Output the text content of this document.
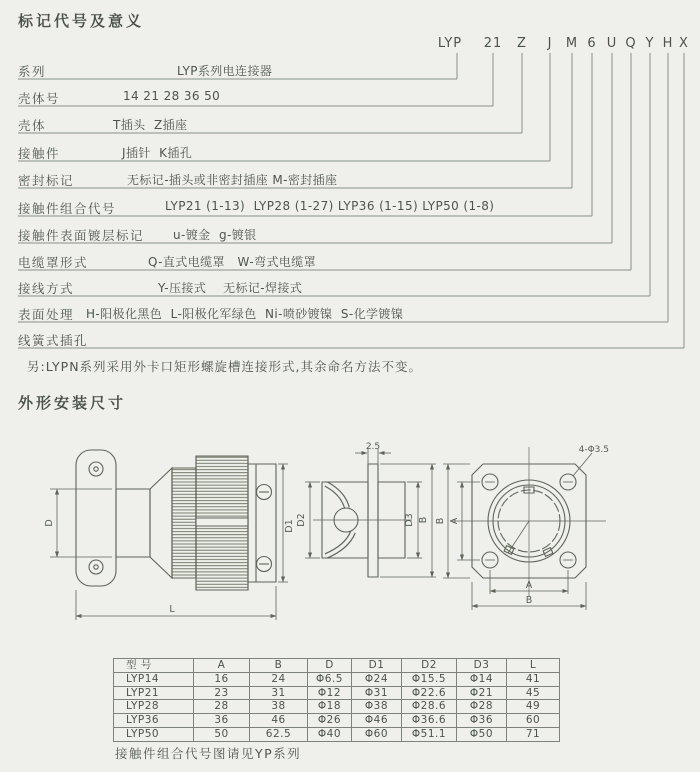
标记代号及意义
LYP 21 Z J M 6 U Q Y H X
系列	LYP系列电连接器
壳体号	14 21 28 36 50
壳体	T插头  Z插座
接触件	J插针  K插孔
密封标记	无标记-插头或非密封插座 M-密封插座
接触件组合代号	LYP21 (1-13)  LYP28 (1-27) LYP36 (1-15) LYP50 (1-8)
接触件表面镀层标记 u-镀金  g-镀银
电缆罩形式	Q-直式电缆罩   W-弯式电缆罩
接线方式	Y-压接式    无标记-焊接式
表面处理 H-阳极化黑色  L-阳极化军绿色  Ni-喷砂镀镍  S-化学镀镍
线簧式插孔
另:LYPN系列采用外卡口矩形螺旋槽连接形式,其余命名方法不变。
外形安装尺寸
D	D1
L
2.5
D2	D3 B
4-Φ3.5
B A
A
B
型 号	A	B	D	D1	D2	D3	L
LYP14	16	24	Φ6.5	Φ24	Φ15.5	Φ14	41
LYP21	23	31	Φ12	Φ31	Φ22.6	Φ21	45
LYP28	28	38	Φ18	Φ38	Φ28.6	Φ28	49
LYP36	36	46	Φ26	Φ46	Φ36.6	Φ36	60
LYP50	50	62.5	Φ40	Φ60	Φ51.1	Φ50	71
接触件组合代号图请见YP系列
